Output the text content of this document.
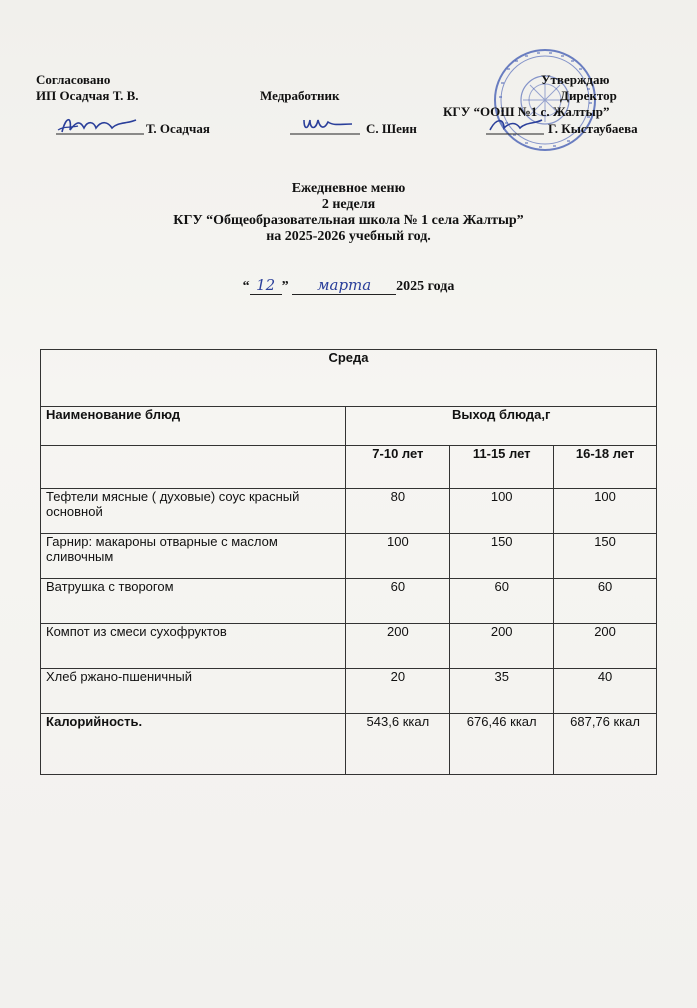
Согласовано
ИП Осадчая Т. В.
Т. Осадчая
Медработник
С. Шеин
Утверждаю
Директор
КГУ “ООШ №1 с. Жалтыр”
Г. Кыстаубаева
Ежедневное меню
2 неделя
КГУ “Общеобразовательная школа № 1 села Жалтыр”
на 2025-2026 учебный год.
“ 12 ” марта 2025 года
Среда			
Наименование блюд	Выход блюда,г		
	7-10 лет	11-15 лет	16-18 лет
Тефтели мясные ( духовые) соус красный основной	80	100	100
Гарнир: макароны отварные с маслом сливочным	100	150	150
Ватрушка с творогом	60	60	60
Компот из смеси сухофруктов	200	200	200
Хлеб ржано-пшеничный	20	35	40
Калорийность.	543,6 ккал	676,46 ккал	687,76 ккал
